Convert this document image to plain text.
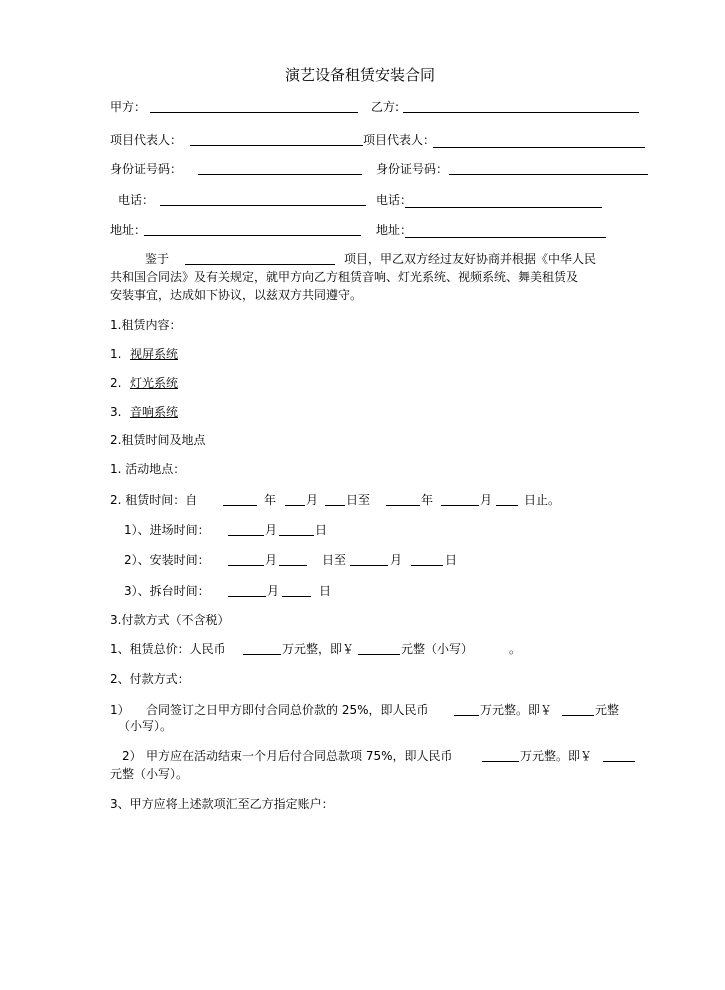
演艺设备租赁安装合同
甲方：	乙方:
项目代表人：	项目代表人：
身份证号码：	身份证号码：
电话：	电话：
地址：	地址：
鉴于	项目，甲乙双方经过友好协商并根据《中华人民
共和国合同法》及有关规定，就甲方向乙方租赁音响、灯光系统、视频系统、舞美租赁及
安装事宜，达成如下协议，以兹双方共同遵守。
1.租赁内容：
1. 视屏系统
2. 灯光系统
3. 音响系统
2.租赁时间及地点
1. 活动地点：
2. 租赁时间：自	年 月 日至	年	月	日止。
1）、进场时间：	月	日
2）、安装时间：	月	日至	月	日
3）、拆台时间：	月	日
3.付款方式（不含税）
1、租赁总价：人民币	万元整，即￥	元整（小写）	。
2、付款方式：
1） 合同签订之日甲方即付合同总价款的 25%，即人民币	万元整。即￥	元整
（小写）。
2） 甲方应在活动结束一个月后付合同总款项 75%，即人民币	万元整。即￥
元整（小写）。
3、甲方应将上述款项汇至乙方指定账户：
